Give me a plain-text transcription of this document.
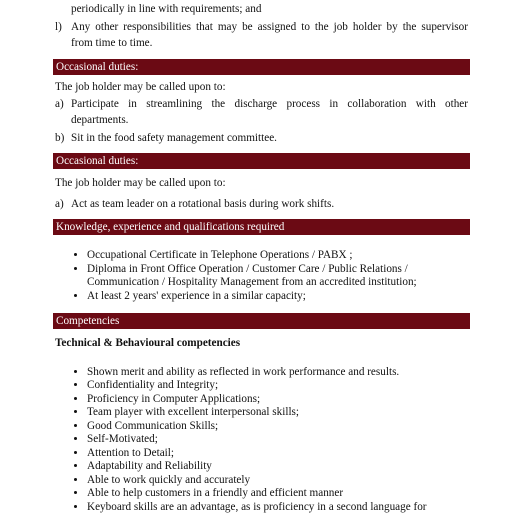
periodically in line with requirements; and
l) Any other responsibilities that may be assigned to the job holder by the supervisor
from time to time.
Occasional duties:
The job holder may be called upon to:
a) Participate in streamlining the discharge process in collaboration with other
departments.
b) Sit in the food safety management committee.
Occasional duties:
The job holder may be called upon to:
a) Act as team leader on a rotational basis during work shifts.
Knowledge, experience and qualifications required
Occupational Certificate in Telephone Operations / PABX ;
Diploma in Front Office Operation / Customer Care / Public Relations /
Communication / Hospitality Management from an accredited institution;
At least 2 years' experience in a similar capacity;
Competencies
Technical & Behavioural competencies
Shown merit and ability as reflected in work performance and results.
Confidentiality and Integrity;
Proficiency in Computer Applications;
Team player with excellent interpersonal skills;
Good Communication Skills;
Self-Motivated;
Attention to Detail;
Adaptability and Reliability
Able to work quickly and accurately
Able to help customers in a friendly and efficient manner
Keyboard skills are an advantage, as is proficiency in a second language for
